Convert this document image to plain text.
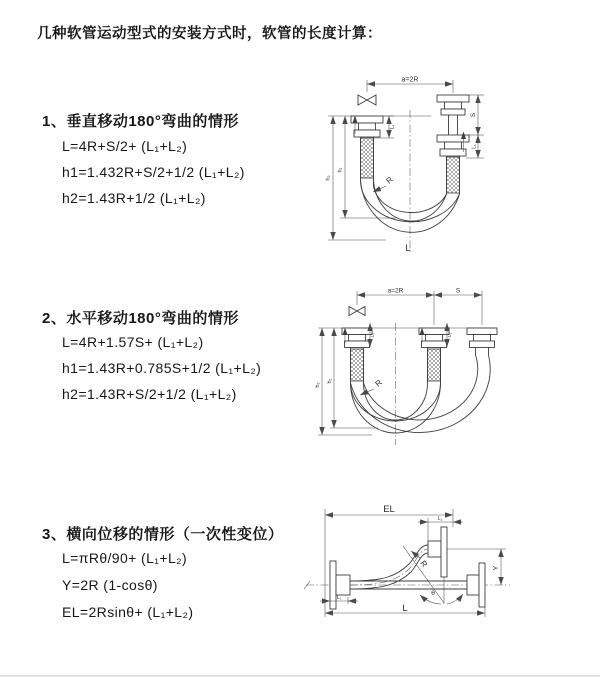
几种软管运动型式的安装方式时，软管的长度计算：
1、垂直移动180°弯曲的情形
L=4R+S/2+ (L₁+L₂)
h1=1.432R+S/2+1/2 (L₁+L₂)
h2=1.43R+1/2 (L₁+L₂)
2、水平移动180°弯曲的情形
L=4R+1.57S+ (L₁+L₂)
h1=1.43R+0.785S+1/2 (L₁+L₂)
h2=1.43R+S/2+1/2 (L₁+L₂)
3、横向位移的情形（一次性变位）
L=πRθ/90+ (L₁+L₂)
Y=2R (1-cosθ)
EL=2Rsinθ+ (L₁+L₂)
a=2R
h₂
h₁
L₁
S
L₁
R
L
a=2R	S
h₂
h₁
L₁	L₁
R
θ
R
EL
L₁
Y
L₁
L
